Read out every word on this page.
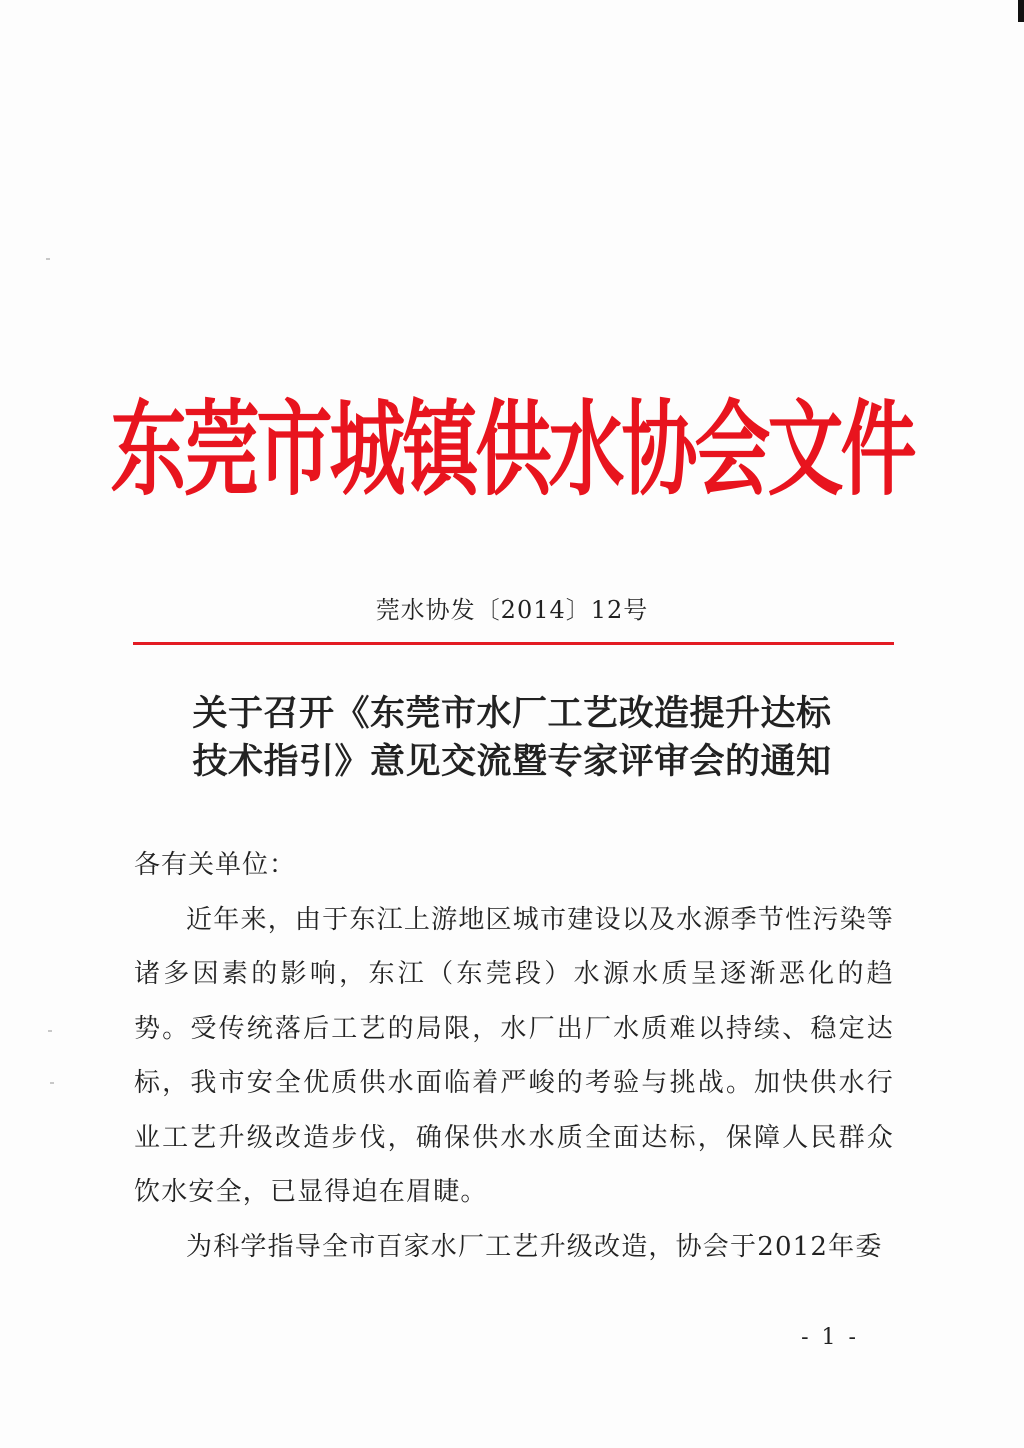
东莞市城镇供水协会文件
莞水协发〔2014〕12号
关于召开《东莞市水厂工艺改造提升达标
技术指引》意见交流暨专家评审会的通知

各有关单位：

近年来，由于东江上游地区城市建设以及水源季节性污染等诸多因素的影响，东江（东莞段）水源水质呈逐渐恶化的趋势。受传统落后工艺的局限，水厂出厂水质难以持续、稳定达标，我市安全优质供水面临着严峻的考验与挑战。加快供水行业工艺升级改造步伐，确保供水水质全面达标，保障人民群众饮水安全，已显得迫在眉睫。

为科学指导全市百家水厂工艺升级改造，协会于2012年委

- 1 -
